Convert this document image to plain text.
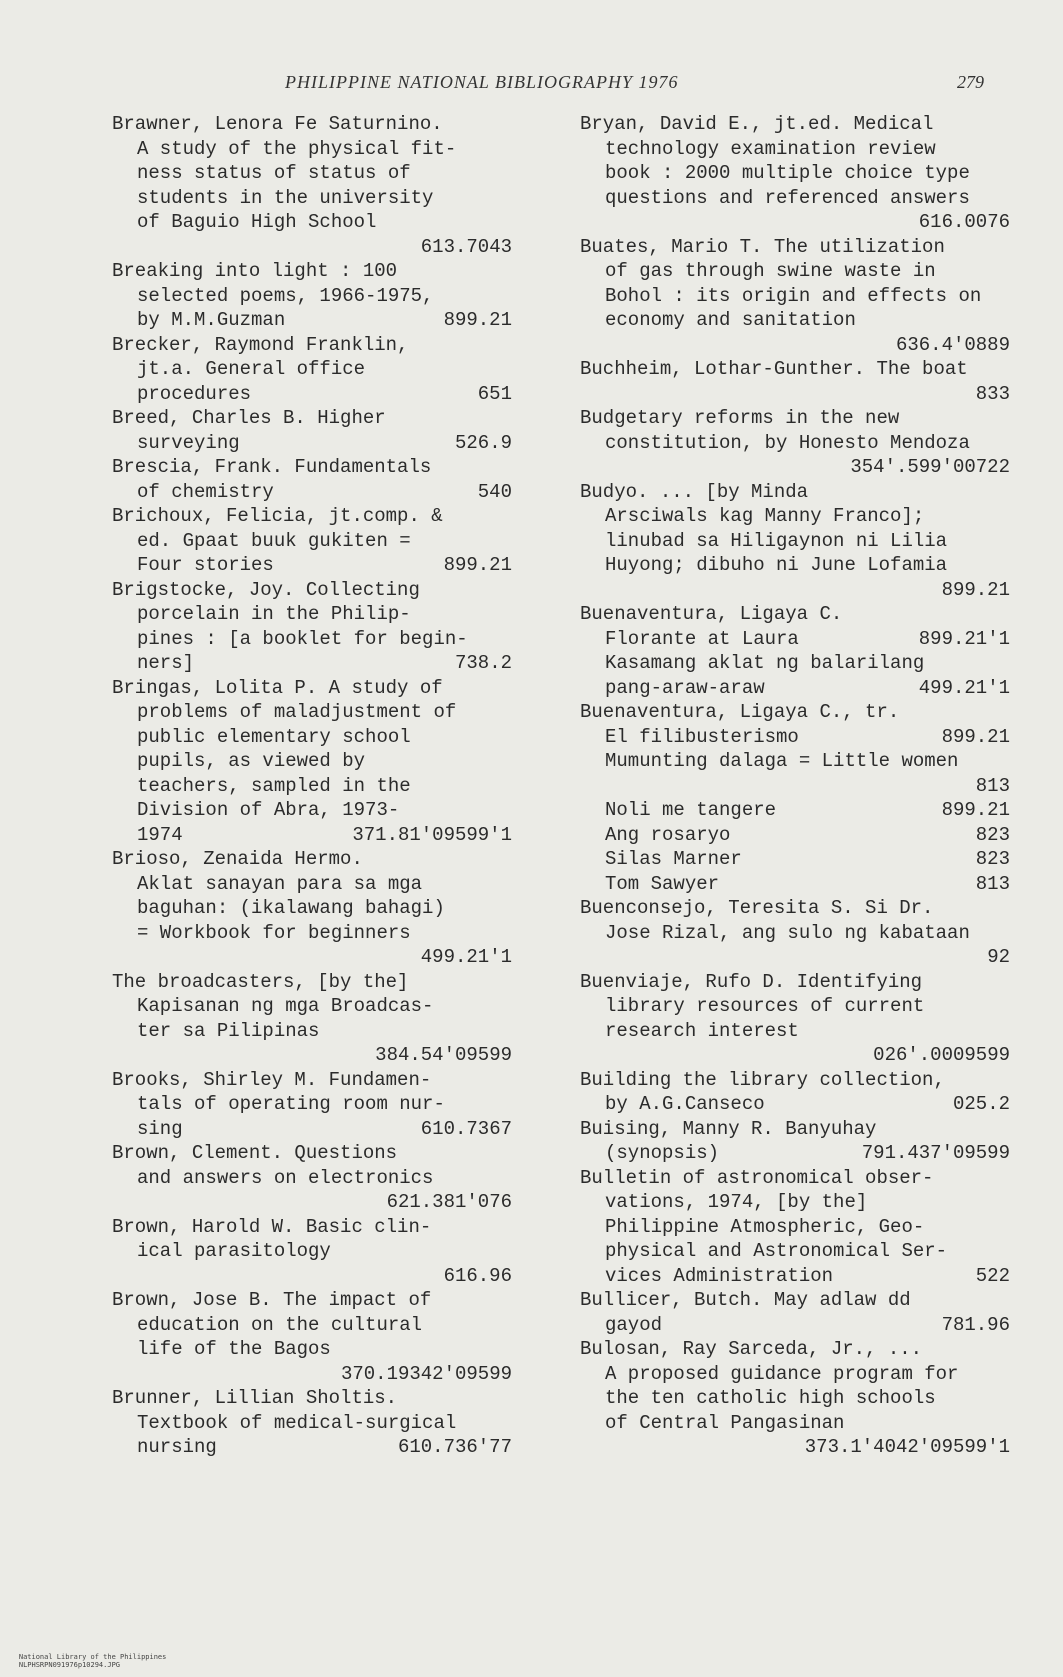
PHILIPPINE NATIONAL BIBLIOGRAPHY 1976	279
Brawner, Lenora Fe Saturnino.
A study of the physical fit-
ness status of status of
students in the university
of Baguio High School
613.7043
Breaking into light : 100
selected poems, 1966-1975,
by M.M.Guzman	899.21
Brecker, Raymond Franklin,
jt.a. General office
procedures	651
Breed, Charles B. Higher
surveying	526.9
Brescia, Frank. Fundamentals
of chemistry	540
Brichoux, Felicia, jt.comp. &
ed. Gpaat buuk gukiten =
Four stories	899.21
Brigstocke, Joy. Collecting
porcelain in the Philip-
pines : [a booklet for begin-
ners]	738.2
Bringas, Lolita P. A study of
problems of maladjustment of
public elementary school
pupils, as viewed by
teachers, sampled in the
Division of Abra, 1973-
1974	371.81'09599'1
Brioso, Zenaida Hermo.
Aklat sanayan para sa mga
baguhan: (ikalawang bahagi)
= Workbook for beginners
499.21'1
The broadcasters, [by the]
Kapisanan ng mga Broadcas-
ter sa Pilipinas
384.54'09599
Brooks, Shirley M. Fundamen-
tals of operating room nur-
sing	610.7367
Brown, Clement. Questions
and answers on electronics
621.381'076
Brown, Harold W. Basic clin-
ical parasitology
616.96
Brown, Jose B. The impact of
education on the cultural
life of the Bagos
370.19342'09599
Brunner, Lillian Sholtis.
Textbook of medical-surgical
nursing	610.736'77
Bryan, David E., jt.ed. Medical
technology examination review
book : 2000 multiple choice type
questions and referenced answers
616.0076
Buates, Mario T. The utilization
of gas through swine waste in
Bohol : its origin and effects on
economy and sanitation
636.4'0889
Buchheim, Lothar-Gunther. The boat
833
Budgetary reforms in the new
constitution, by Honesto Mendoza
354'.599'00722
Budyo. ... [by Minda
Arsciwals kag Manny Franco];
linubad sa Hiligaynon ni Lilia
Huyong; dibuho ni June Lofamia
899.21
Buenaventura, Ligaya C.
Florante at Laura	899.21'1
Kasamang aklat ng balarilang
pang-araw-araw	499.21'1
Buenaventura, Ligaya C., tr.
El filibusterismo	899.21
Mumunting dalaga = Little women
813
Noli me tangere	899.21
Ang rosaryo	823
Silas Marner	823
Tom Sawyer	813
Buenconsejo, Teresita S. Si Dr.
Jose Rizal, ang sulo ng kabataan
92
Buenviaje, Rufo D. Identifying
library resources of current
research interest
026'.0009599
Building the library collection,
by A.G.Canseco	025.2
Buising, Manny R. Banyuhay
(synopsis)	791.437'09599
Bulletin of astronomical obser-
vations, 1974, [by the]
Philippine Atmospheric, Geo-
physical and Astronomical Ser-
vices Administration	522
Bullicer, Butch. May adlaw dd
gayod	781.96
Bulosan, Ray Sarceda, Jr., ...
A proposed guidance program for
the ten catholic high schools
of Central Pangasinan
373.1'4042'09599'1

National Library of the Philippines
NLPHSRPN091976p10294.JPG
